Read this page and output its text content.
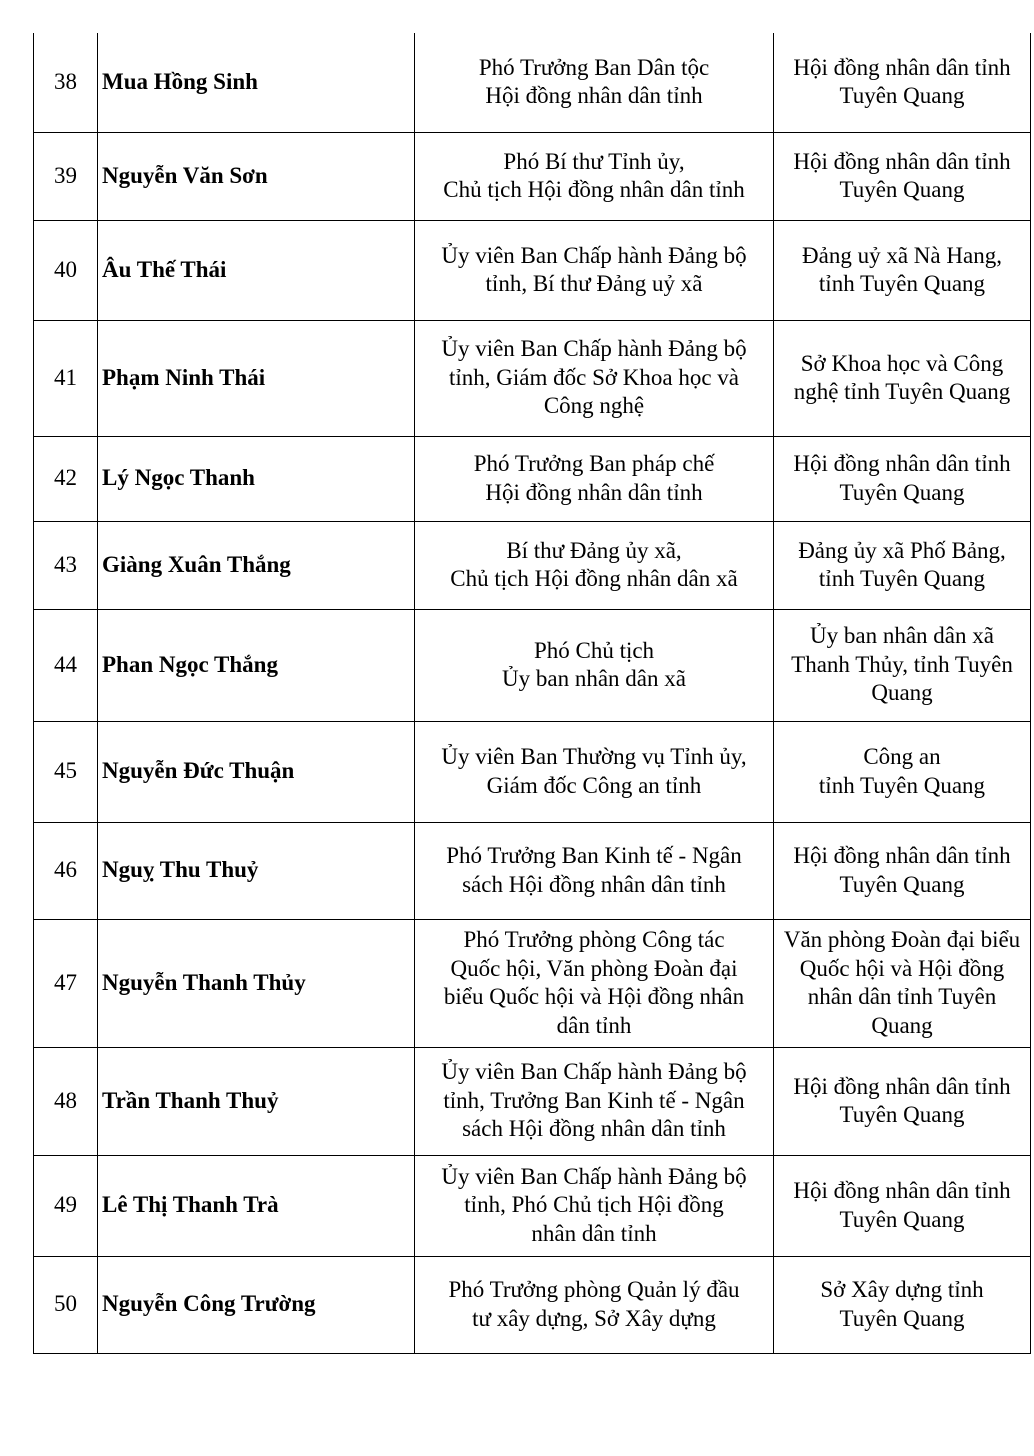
38	Mua Hồng Sinh	Phó Trưởng Ban Dân tộc
Hội đồng nhân dân tỉnh	Hội đồng nhân dân tỉnh
Tuyên Quang

39	Nguyễn Văn Sơn	Phó Bí thư Tỉnh ủy,
Chủ tịch Hội đồng nhân dân tỉnh	Hội đồng nhân dân tỉnh
Tuyên Quang

40	Âu Thế Thái	Ủy viên Ban Chấp hành Đảng bộ
tỉnh, Bí thư Đảng uỷ xã	Đảng uỷ xã Nà Hang,
tỉnh Tuyên Quang

41	Phạm Ninh Thái	Ủy viên Ban Chấp hành Đảng bộ
tỉnh, Giám đốc Sở Khoa học và
Công nghệ	Sở Khoa học và Công
nghệ tỉnh Tuyên Quang

42	Lý Ngọc Thanh	Phó Trưởng Ban pháp chế
Hội đồng nhân dân tỉnh	Hội đồng nhân dân tỉnh
Tuyên Quang

43	Giàng Xuân Thắng	Bí thư Đảng ủy xã,
Chủ tịch Hội đồng nhân dân xã	Đảng ủy xã Phố Bảng,
tỉnh Tuyên Quang

44	Phan Ngọc Thắng	Phó Chủ tịch
Ủy ban nhân dân xã	Ủy ban nhân dân xã
Thanh Thủy, tỉnh Tuyên
Quang

45	Nguyễn Đức Thuận	Ủy viên Ban Thường vụ Tỉnh ủy,
Giám đốc Công an tỉnh	Công an
tỉnh Tuyên Quang

46	Nguỵ Thu Thuỷ	Phó Trưởng Ban Kinh tế - Ngân
sách Hội đồng nhân dân tỉnh	Hội đồng nhân dân tỉnh
Tuyên Quang

47	Nguyễn Thanh Thủy	Phó Trưởng phòng Công tác
Quốc hội, Văn phòng Đoàn đại
biểu Quốc hội và Hội đồng nhân
dân tỉnh	Văn phòng Đoàn đại biểu
Quốc hội và Hội đồng
nhân dân tỉnh Tuyên
Quang

48	Trần Thanh Thuỷ	Ủy viên Ban Chấp hành Đảng bộ
tỉnh, Trưởng Ban Kinh tế - Ngân
sách Hội đồng nhân dân tỉnh	Hội đồng nhân dân tỉnh
Tuyên Quang

49	Lê Thị Thanh Trà	Ủy viên Ban Chấp hành Đảng bộ
tỉnh, Phó Chủ tịch Hội đồng
nhân dân tỉnh	Hội đồng nhân dân tỉnh
Tuyên Quang

50	Nguyễn Công Trường	Phó Trưởng phòng Quản lý đầu
tư xây dựng, Sở Xây dựng	Sở Xây dựng tỉnh
Tuyên Quang
